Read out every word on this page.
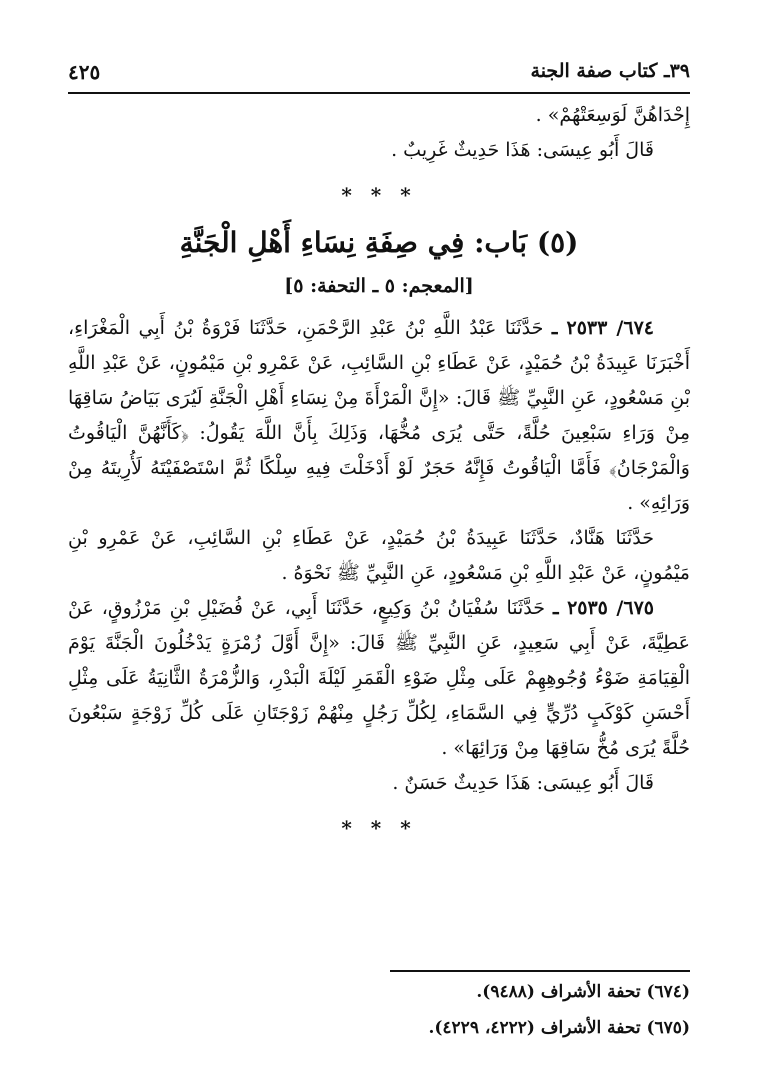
٣٩ـ كتاب صفة الجنة
٤٢٥

إِحْدَاهُنَّ لَوَسِعَتْهُمْ» .

قَالَ أَبُو عِيسَى: هَذَا حَدِيثٌ غَرِيبٌ .

* * *
(٥) بَاب: فِي صِفَةِ نِسَاءِ أَهْلِ الْجَنَّةِ
[المعجم: ٥ ـ التحفة: ٥]

٦٧٤/ ٢٥٣٣ ـ حَدَّثَنَا عَبْدُ اللَّهِ بْنُ عَبْدِ الرَّحْمَنِ، حَدَّثَنَا فَرْوَةُ بْنُ أَبِي الْمَغْرَاءِ، أَخْبَرَنَا عَبِيدَةُ بْنُ حُمَيْدٍ، عَنْ عَطَاءِ بْنِ السَّائِبِ، عَنْ عَمْرِو بْنِ مَيْمُونٍ، عَنْ عَبْدِ اللَّهِ بْنِ مَسْعُودٍ، عَنِ النَّبِيِّ ﷺ قَالَ: «إِنَّ الْمَرْأَةَ مِنْ نِسَاءِ أَهْلِ الْجَنَّةِ لَيُرَى بَيَاضُ سَاقِهَا مِنْ وَرَاءِ سَبْعِينَ حُلَّةً، حَتَّى يُرَى مُخُّهَا، وَذَلِكَ بِأَنَّ اللَّهَ يَقُولُ: ﴿كَأَنَّهُنَّ الْيَاقُوتُ وَالْمَرْجَانُ﴾ فَأَمَّا الْيَاقُوتُ فَإِنَّهُ حَجَرٌ لَوْ أَدْخَلْتَ فِيهِ سِلْكًا ثُمَّ اسْتَصْفَيْتَهُ لَأُرِيتَهُ مِنْ وَرَائِهِ» .

حَدَّثَنَا هَنَّادٌ، حَدَّثَنَا عَبِيدَةُ بْنُ حُمَيْدٍ، عَنْ عَطَاءِ بْنِ السَّائِبِ، عَنْ عَمْرِو بْنِ مَيْمُونٍ، عَنْ عَبْدِ اللَّهِ بْنِ مَسْعُودٍ، عَنِ النَّبِيِّ ﷺ نَحْوَهُ .

٦٧٥/ ٢٥٣٥ ـ حَدَّثَنَا سُفْيَانُ بْنُ وَكِيعٍ، حَدَّثَنَا أَبِي، عَنْ فُضَيْلِ بْنِ مَرْزُوقٍ، عَنْ عَطِيَّةَ، عَنْ أَبِي سَعِيدٍ، عَنِ النَّبِيِّ ﷺ قَالَ: «إِنَّ أَوَّلَ زُمْرَةٍ يَدْخُلُونَ الْجَنَّةَ يَوْمَ الْقِيَامَةِ ضَوْءُ وُجُوهِهِمْ عَلَى مِثْلِ ضَوْءِ الْقَمَرِ لَيْلَةَ الْبَدْرِ، وَالزُّمْرَةُ الثَّانِيَةُ عَلَى مِثْلِ أَحْسَنِ كَوْكَبٍ دُرِّيٍّ فِي السَّمَاءِ، لِكُلِّ رَجُلٍ مِنْهُمْ زَوْجَتَانِ عَلَى كُلِّ زَوْجَةٍ سَبْعُونَ حُلَّةً يُرَى مُخُّ سَاقِهَا مِنْ وَرَائِهَا» .

قَالَ أَبُو عِيسَى: هَذَا حَدِيثٌ حَسَنٌ .

* * *
(٦٧٤) تحفة الأشراف (٩٤٨٨).
(٦٧٥) تحفة الأشراف (٤٢٢٢، ٤٢٢٩).
